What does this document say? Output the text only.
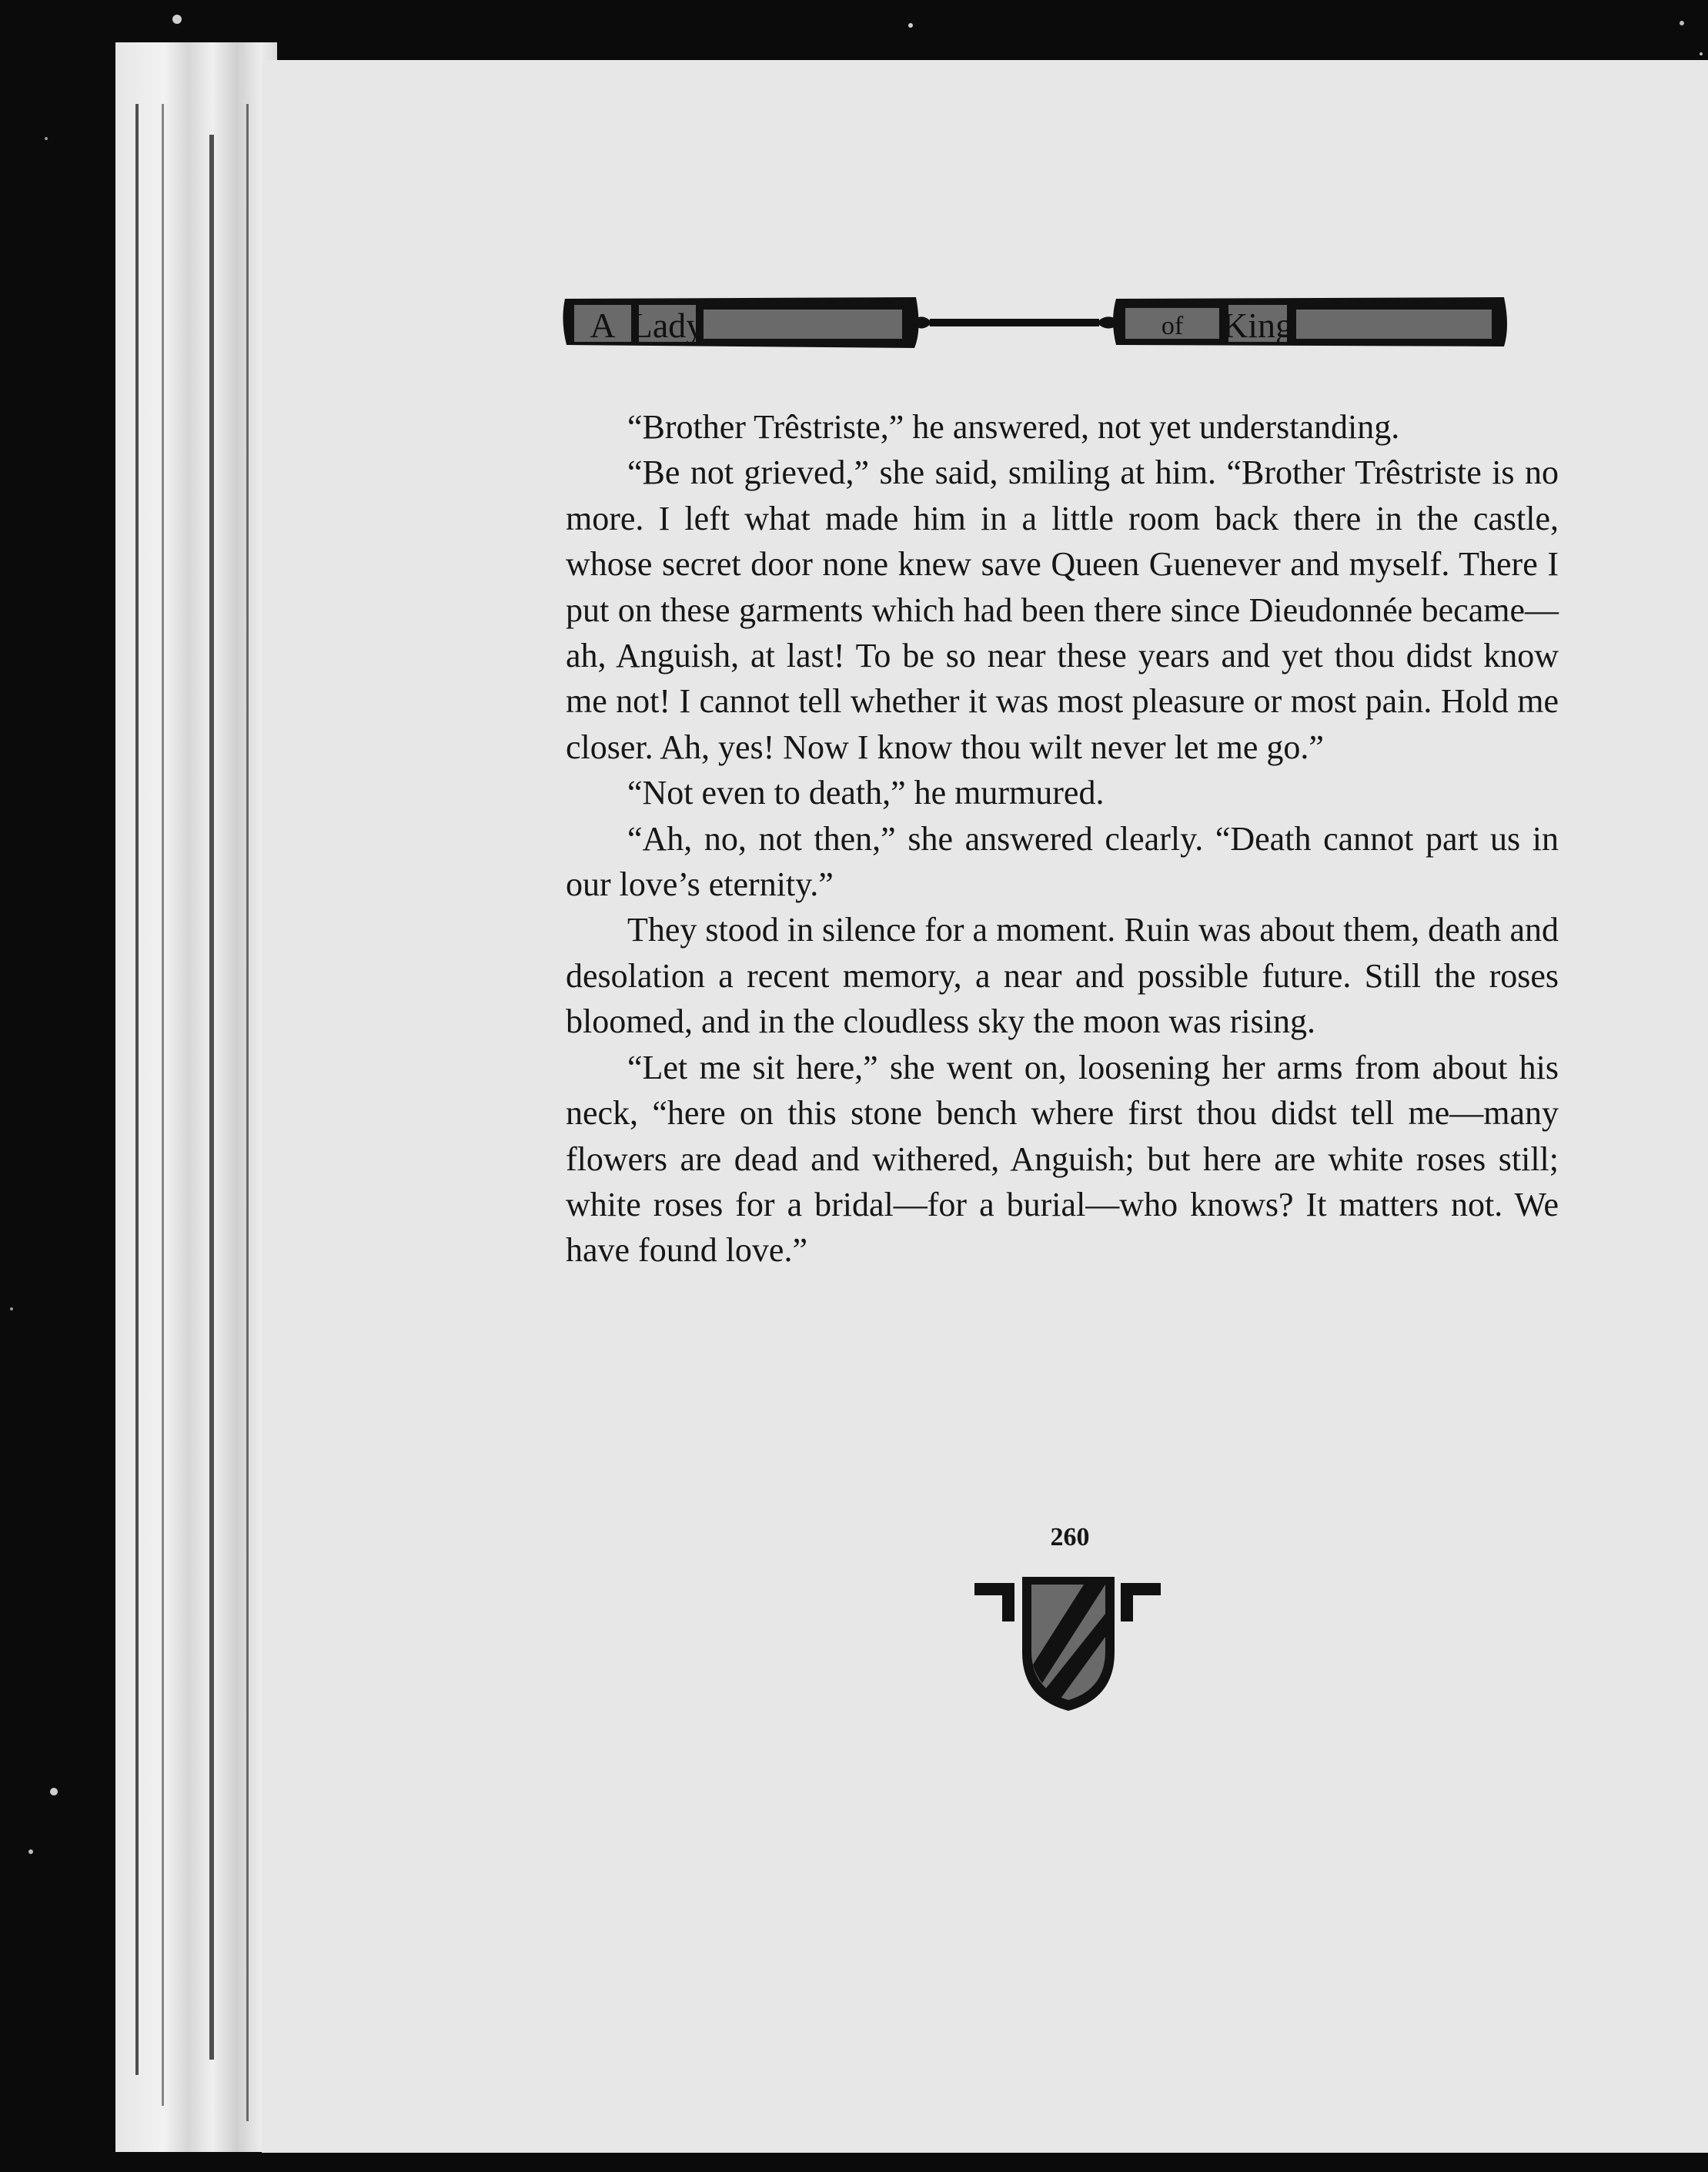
A Lady	of King

“Brother Trêstriste,” he answered, not yet understanding.

“Be not grieved,” she said, smiling at him. “Brother Trêstriste is no more. I left what made him in a little room back there in the castle, whose secret door none knew save Queen Guenever and myself. There I put on these garments which had been there since Dieudonnée became—ah, Anguish, at last! To be so near these years and yet thou didst know me not! I cannot tell whether it was most pleasure or most pain. Hold me closer. Ah, yes! Now I know thou wilt never let me go.”

“Not even to death,” he murmured.

“Ah, no, not then,” she answered clearly. “Death cannot part us in our love’s eternity.”

They stood in silence for a moment. Ruin was about them, death and desolation a recent memory, a near and possible future. Still the roses bloomed, and in the cloudless sky the moon was rising.

“Let me sit here,” she went on, loosening her arms from about his neck, “here on this stone bench where first thou didst tell me—many flowers are dead and withered, Anguish; but here are white roses still; white roses for a bridal—for a burial—who knows? It matters not. We have found love.”

260
